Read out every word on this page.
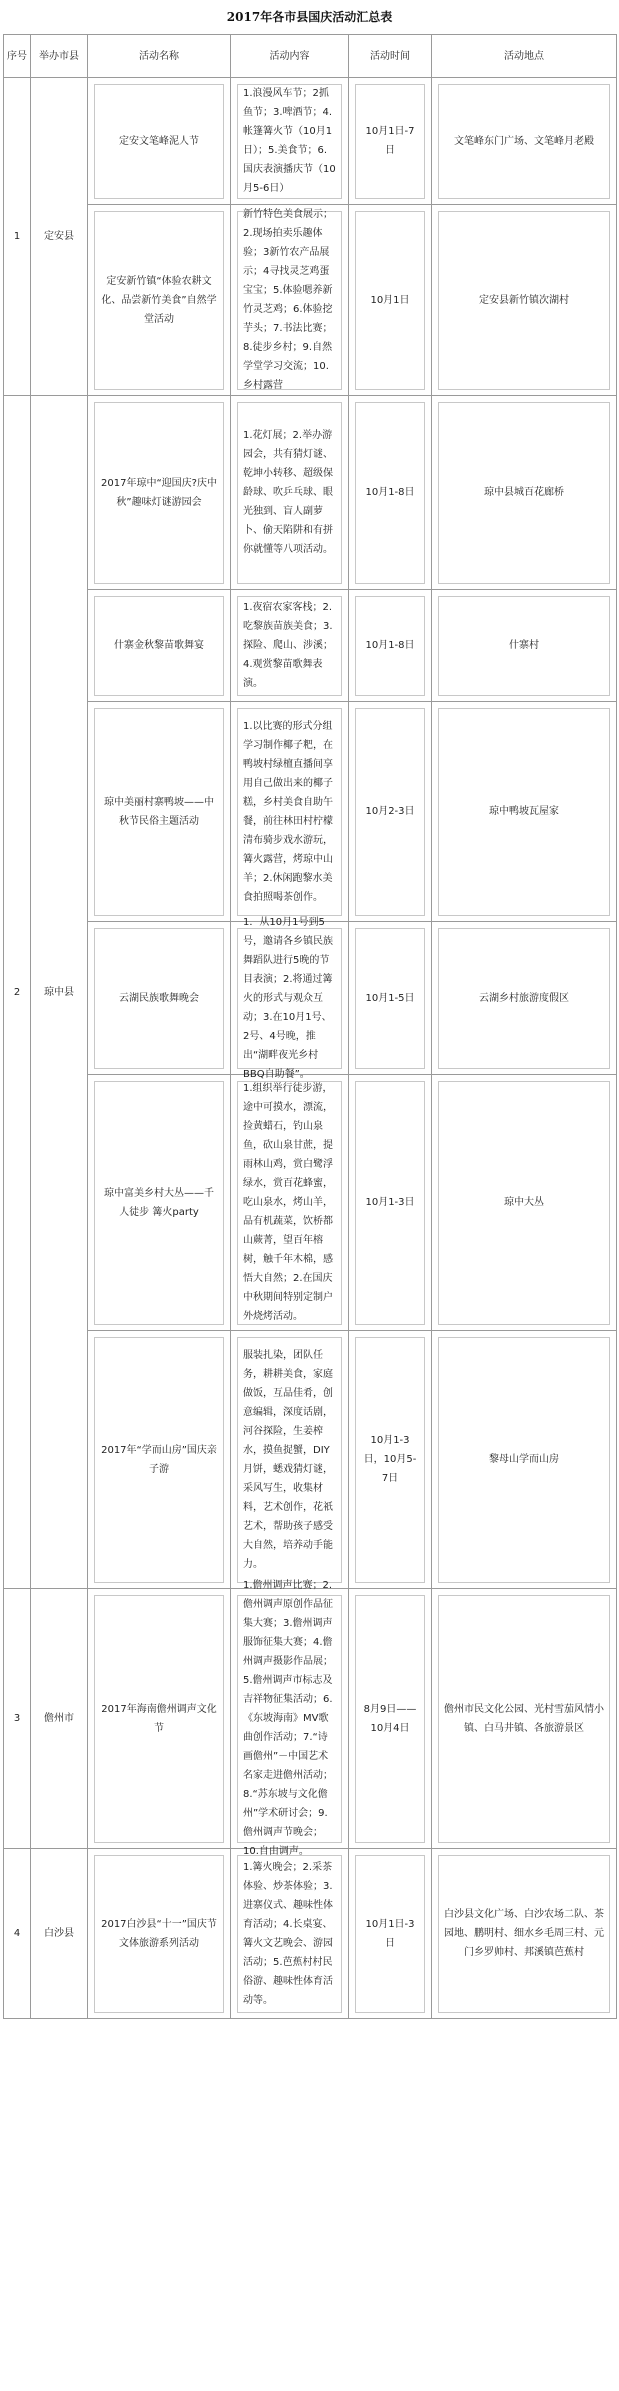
2017年各市县国庆活动汇总表
序号	举办市县	活动名称	活动内容	活动时间	活动地点
1	定安县	定安文笔峰泥人节	1.浪漫风车节；2抓鱼节；3.啤酒节；4.帐篷篝火节（10月1日）；5.美食节；6.国庆表演播庆节（10月5-6日）	10月1日-7日	文笔峰东门广场、文笔峰月老殿

定安新竹镇“体验农耕文化、品尝新竹美食”自然学堂活动	新竹特色美食展示；2.现场拍卖乐趣体验；3新竹农产品展示；4寻找灵芝鸡蛋宝宝；5.体验嗯养新竹灵芝鸡；6.体验挖芋头；7.书法比赛；8.徒步乡村；9.自然学堂学习交流；10.乡村露营	10月1日	定安县新竹镇次湖村

2	琼中县	2017年琼中“迎国庆?庆中秋”趣味灯谜游园会	1.花灯展；2.举办游园会，共有猜灯谜、乾坤小转移、超级保龄球、吹乒乓球、眼光独到、盲人副萝卜、偷天陷阱和有拼你就懂等八项活动。	10月1-8日	琼中县城百花廊桥

什寨金秋黎苗歌舞宴	1.夜宿农家客栈；2.吃黎族苗族美食；3.探险、爬山、涉溪；4.观赏黎苗歌舞表演。	10月1-8日	什寨村

琼中美丽村寨鸭坡——中秋节民俗主题活动	1.以比赛的形式分组学习制作椰子粑，在鸭坡村绿檀直播间享用自己做出来的椰子糕，乡村美食自助午餐，前往林田村柠檬清布骑步戏水游玩，篝火露营，烤琼中山羊；2.休闲跑黎水美食拍照喝茶创作。	10月2-3日	琼中鸭坡瓦屋家

云湖民族歌舞晚会	1．从10月1号到5号，邀请各乡镇民族舞蹈队进行5晚的节目表演；2.将通过篝火的形式与观众互动；3.在10月1号、2号、4号晚，推出“湖畔夜光乡村BBQ自助餐”。	10月1-5日	云湖乡村旅游度假区

琼中富美乡村大丛——千人徒步 篝火party	1.组织举行徒步游，途中可摸水，漂流，捡黄蜡石，钓山泉鱼，砍山泉甘蔗，提雨林山鸡，赏白鹭浮绿水，赏百花蜂蜜，吃山泉水，烤山羊，品有机蔬菜，饮桥都山蕨菁，望百年榕树，触千年木棉，感悟大自然；2.在国庆中秋期间特别定制户外烧烤活动。	10月1-3日	琼中大丛

2017年“学而山房”国庆亲子游	服装扎染，团队任务，耕耕美食，家庭做饭，互品佳肴，创意编辑，深度话剧，河谷探险，生姜榨水，摸鱼捉蟹，DIY月饼，蟋戏猜灯谜，采风写生，收集材料，艺术创作，花祇艺术，帮助孩子感受大自然，培养动手能力。	10月1-3日，10月5-7日	黎母山学而山房

3	儋州市	2017年海南儋州调声文化节	1.儋州调声比赛；2.儋州调声原创作品征集大赛；3.儋州调声服饰征集大赛；4.儋州调声摄影作品展；5.儋州调声市标志及吉祥物征集活动；6.《东坡海南》MV歌曲创作活动；7.“诗画儋州”－中国艺术名家走进儋州活动；8.“苏东坡与文化儋州”学术研讨会；9.儋州调声节晚会；10.自由调声。	8月9日——10月4日	儋州市民文化公园、光村雪茄风情小镇、白马井镇、各旅游景区

4	白沙县	2017白沙县“十一”国庆节文体旅游系列活动	1.篝火晚会；2.采茶体验、炒茶体验；3.进寨仪式、趣味性体育活动；4.长桌宴、篝火文艺晚会、游园活动；5.芭蕉村村民俗游、趣味性体育活动等。	10月1日-3日	白沙县文化广场、白沙农场二队、茶园地、鹏明村、细水乡毛周三村、元门乡罗帅村、邦溪镇芭蕉村
